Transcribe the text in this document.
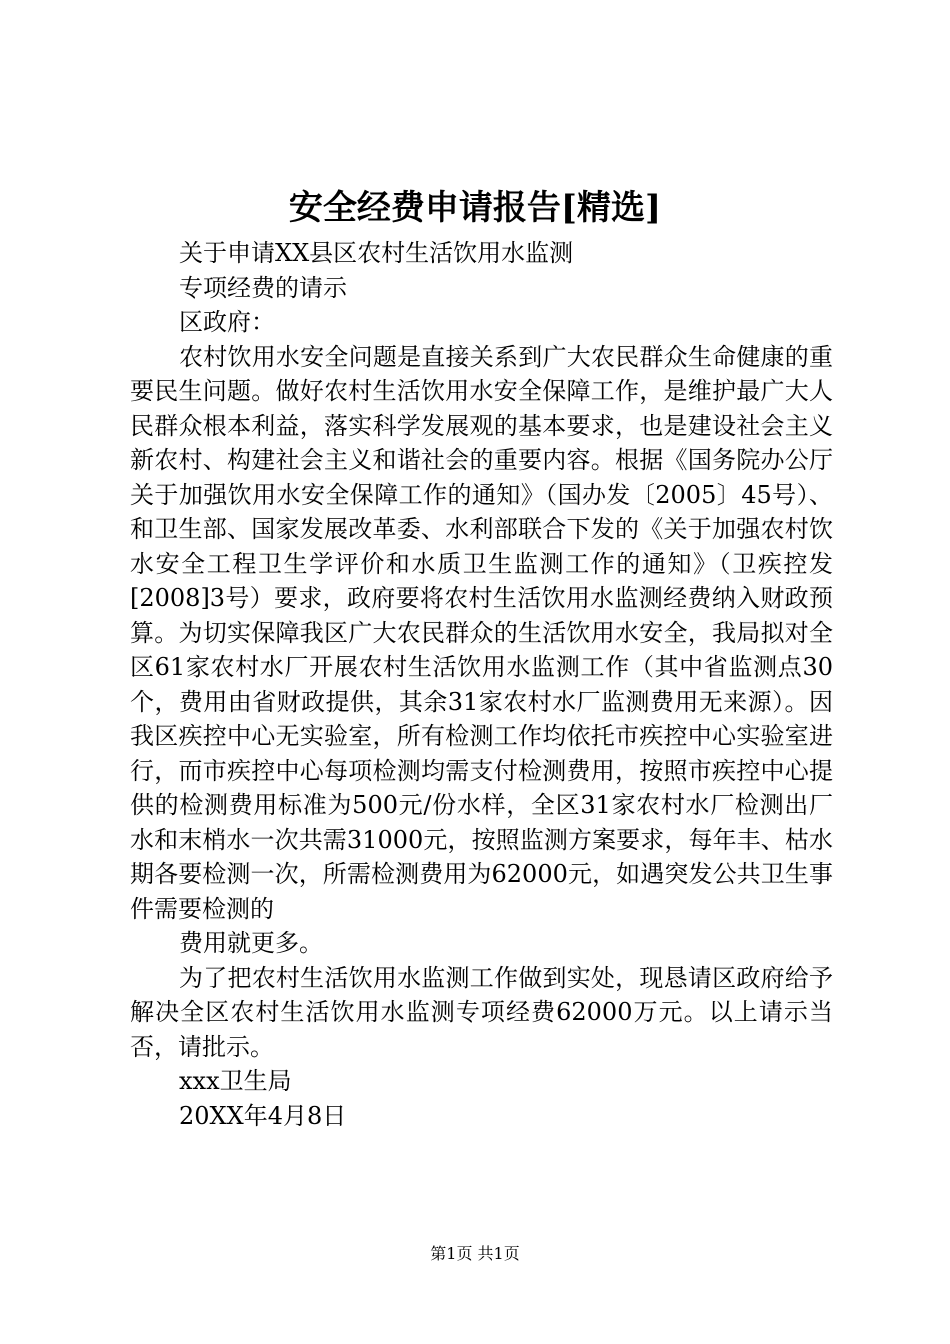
安全经费申请报告[精选]
关于申请XX县区农村生活饮用水监测
专项经费的请示
区政府：

农村饮用水安全问题是直接关系到广大农民群众生命健康的重要民生问题。做好农村生活饮用水安全保障工作，是维护最广大人民群众根本利益，落实科学发展观的基本要求，也是建设社会主义新农村、构建社会主义和谐社会的重要内容。根据《国务院办公厅关于加强饮用水安全保障工作的通知》（国办发〔2005〕45号）、和卫生部、国家发展改革委、水利部联合下发的《关于加强农村饮水安全工程卫生学评价和水质卫生监测工作的通知》（卫疾控发[2008]3号）要求，政府要将农村生活饮用水监测经费纳入财政预算。为切实保障我区广大农民群众的生活饮用水安全，我局拟对全区61家农村水厂开展农村生活饮用水监测工作（其中省监测点30个，费用由省财政提供，其余31家农村水厂监测费用无来源）。因我区疾控中心无实验室，所有检测工作均依托市疾控中心实验室进行，而市疾控中心每项检测均需支付检测费用，按照市疾控中心提供的检测费用标准为500元/份水样，全区31家农村水厂检测出厂水和末梢水一次共需31000元，按照监测方案要求，每年丰、枯水期各要检测一次，所需检测费用为62000元，如遇突发公共卫生事件需要检测的

费用就更多。

为了把农村生活饮用水监测工作做到实处，现恳请区政府给予解决全区农村生活饮用水监测专项经费62000万元。以上请示当否，请批示。

xxx卫生局
20XX年4月8日
第1页 共1页
